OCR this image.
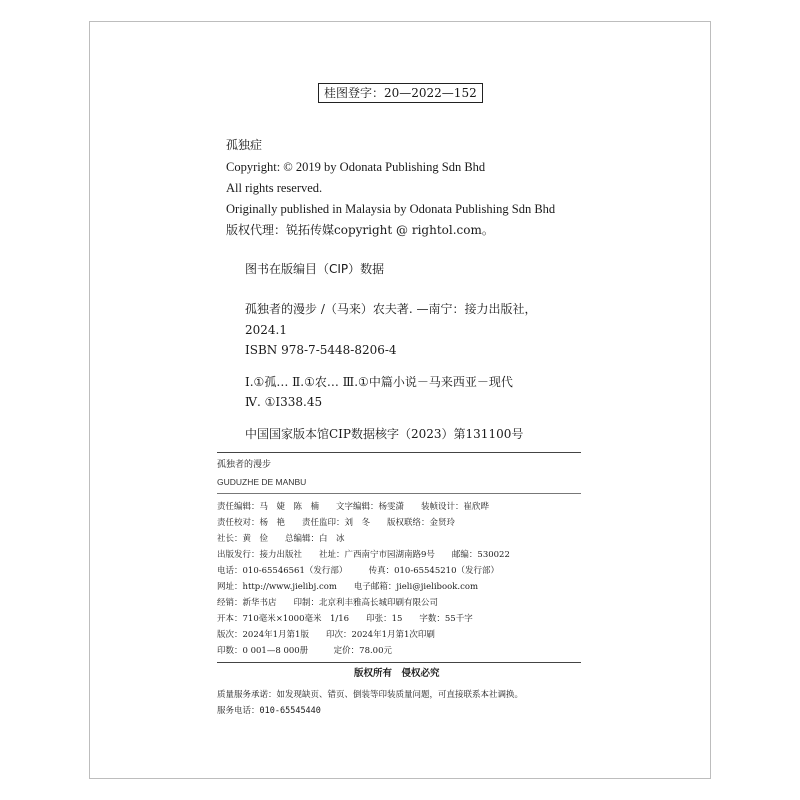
桂图登字：20—2022—152
孤独症
Copyright: © 2019 by Odonata Publishing Sdn Bhd
All rights reserved.
Originally published in Malaysia by Odonata Publishing Sdn Bhd
版权代理：锐拓传媒copyright @ rightol.com。
图书在版编目（CIP）数据
孤独者的漫步 /（马来）农夫著. —南宁：接力出版社，
2024.1
ISBN 978-7-5448-8206-4
Ⅰ.①孤… Ⅱ.①农… Ⅲ.①中篇小说－马来西亚－现代
Ⅳ. ①I338.45
中国国家版本馆CIP数据核字（2023）第131100号
孤独者的漫步
GUDUZHE DE MANBU
责任编辑：马　婕　陈　楠　　文字编辑：杨雯潇　　装帧设计：崔欣晔
责任校对：杨　艳　　责任监印：刘　冬　　版权联络：金贤玲
社长：黄　俭　　总编辑：白　冰
出版发行：接力出版社　　社址：广西南宁市园湖南路9号　　邮编：530022
电话：010-65546561（发行部）　　　传真：010-65545210（发行部）
网址：http://www.jielibj.com　　电子邮箱：jieli@jielibook.com
经销：新华书店　　印制：北京利丰雅高长城印刷有限公司
开本：710毫米×1000毫米　1/16　　印张：15　　字数：55千字
版次：2024年1月第1版　　印次：2024年1月第1次印刷
印数：0 001—8 000册　　　定价：78.00元
版权所有　侵权必究
质量服务承诺：如发现缺页、错页、倒装等印装质量问题，可直接联系本社调换。
服务电话：010-65545440
